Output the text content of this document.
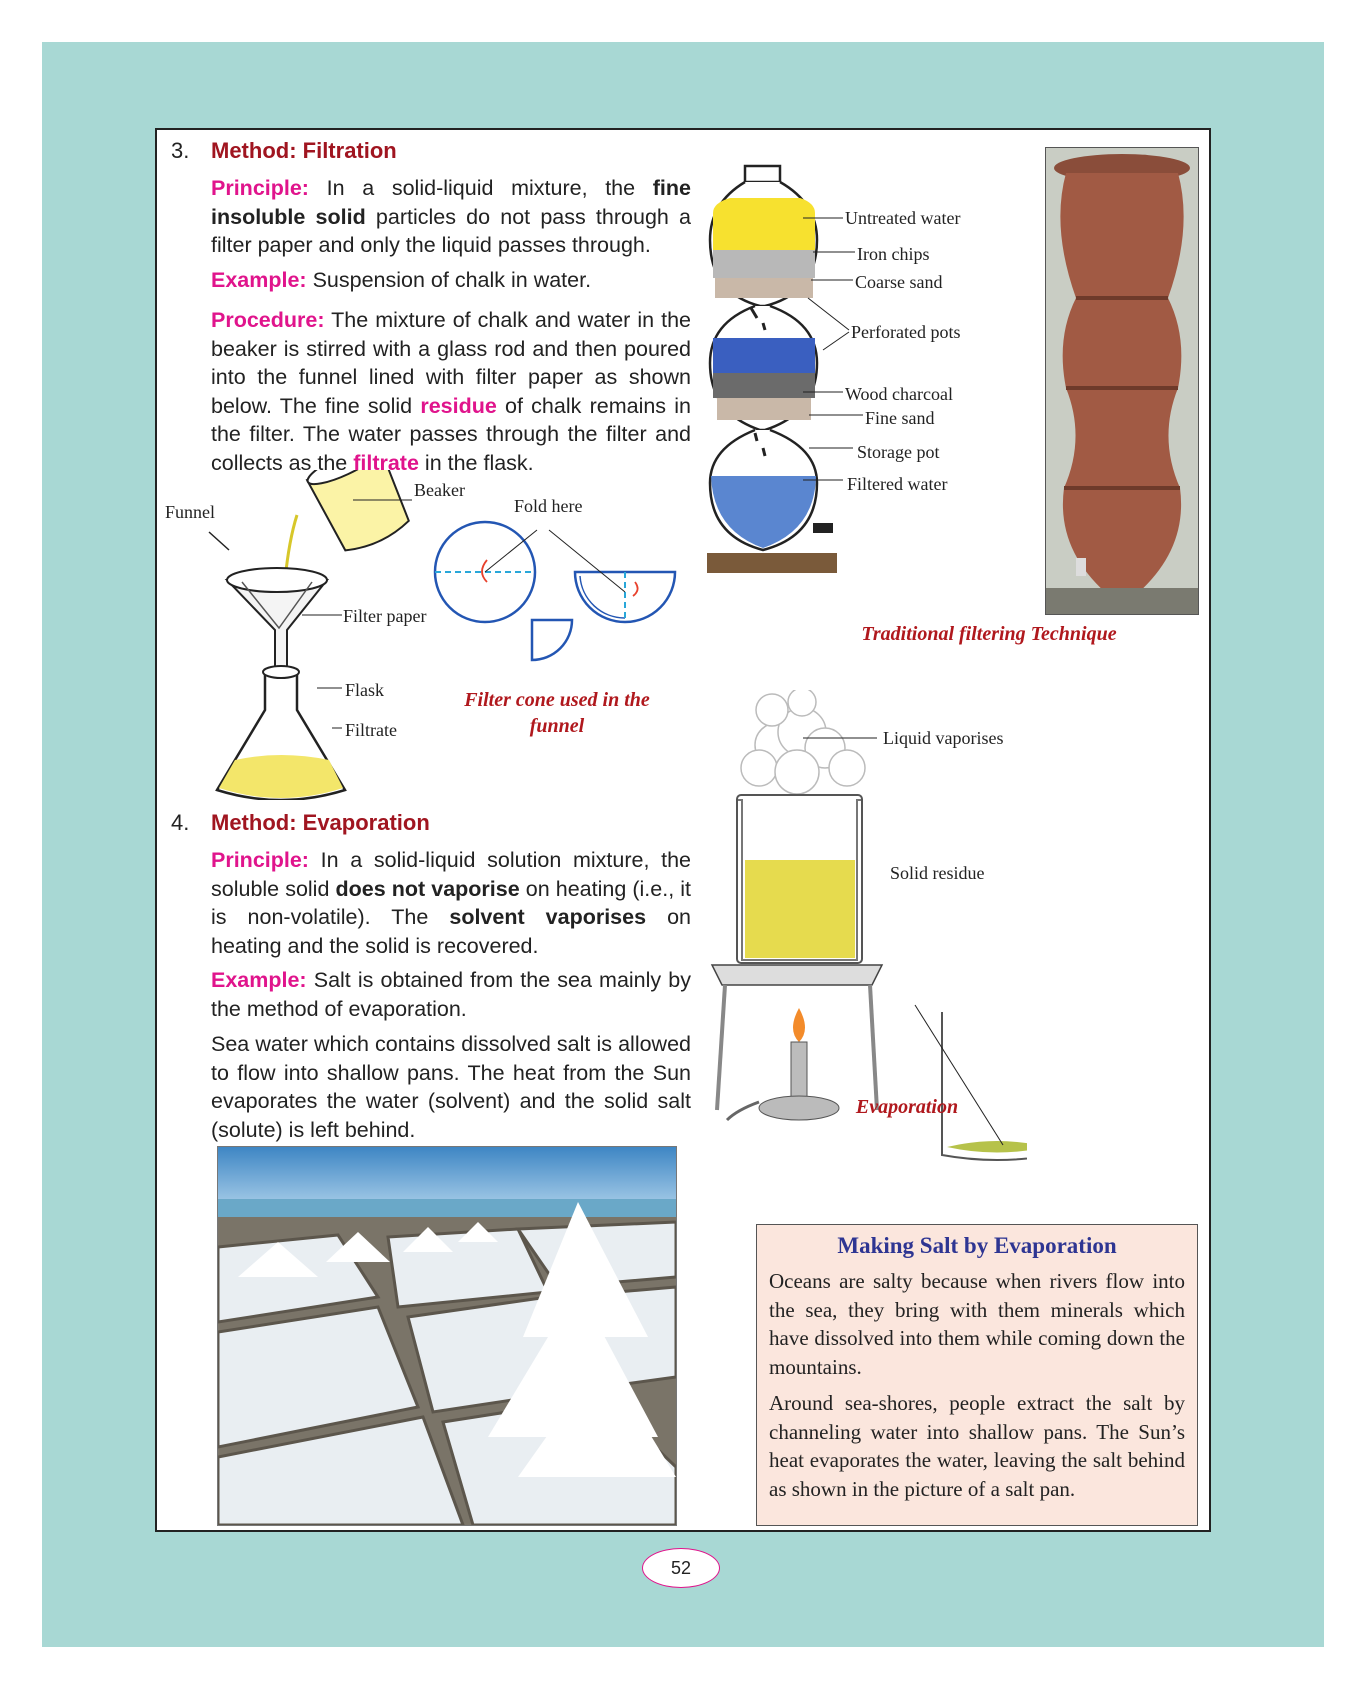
3. Method: Filtration
Principle: In a solid-liquid mixture, the fine insoluble solid particles do not pass through a filter paper and only the liquid passes through.
Example: Suspension of chalk in water.
Procedure: The mixture of chalk and water in the beaker is stirred with a glass rod and then poured into the funnel lined with filter paper as shown below. The fine solid residue of chalk remains in the filter. The water passes through the filter and collects as the filtrate in the flask.
Beaker
Funnel
Filter paper
Flask
Filtrate
Fold here
Filter cone used in the
funnel
Untreated water
Iron chips
Coarse sand
Perforated pots
Wood charcoal
Fine sand
Storage pot
Filtered water
Traditional filtering Technique
Liquid vaporises
Solid residue
Evaporation
4. Method: Evaporation
Principle: In a solid-liquid solution mixture, the soluble solid does not vaporise on heating (i.e., it is non-volatile). The solvent vaporises on heating and the solid is recovered.
Example: Salt is obtained from the sea mainly by the method of evaporation.
Sea water which contains dissolved salt is allowed to flow into shallow pans. The heat from the Sun evaporates the water (solvent) and the solid salt (solute) is left behind.
Making Salt by Evaporation

Oceans are salty because when rivers flow into the sea, they bring with them minerals which have dissolved into them while coming down the mountains.

Around sea-shores, people extract the salt by channeling water into shallow pans. The Sun’s heat evaporates the water, leaving the salt behind as shown in the picture of a salt pan.

52
